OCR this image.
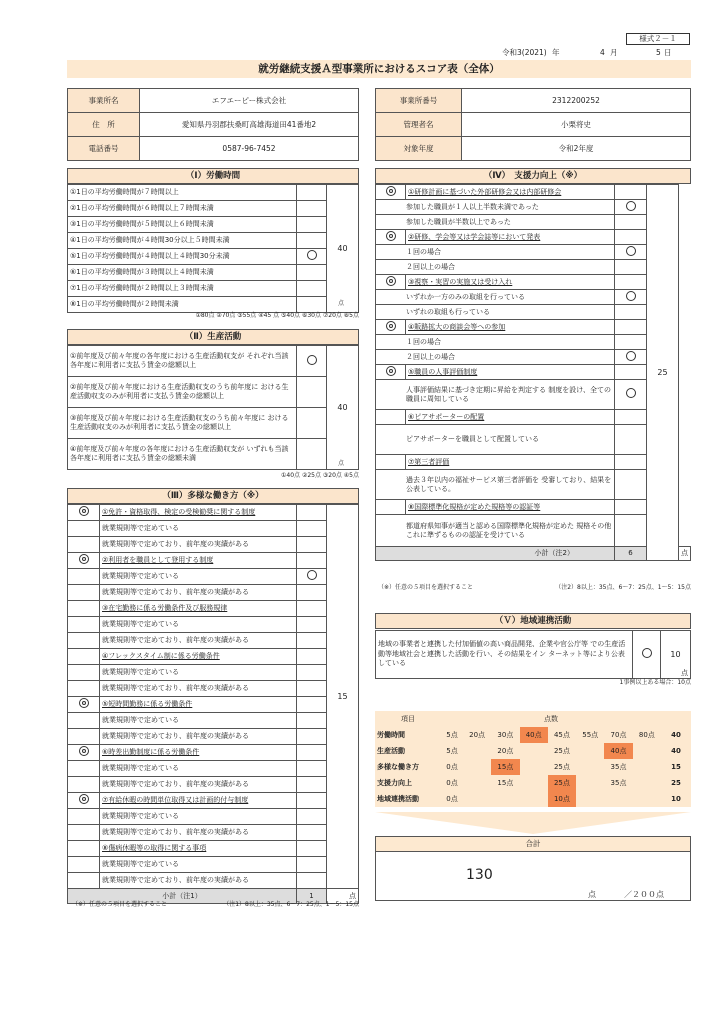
様式２－１
令和3(2021) 年	4 月	5 日
就労継続支援Ａ型事業所におけるスコア表（全体）
事業所名	エフエーピー株式会社
住　所	愛知県丹羽郡扶桑町高雄海道田41番地2
電話番号	0587-96-7452
事業所番号	2312200252
管理者名	小栗将史
対象年度	令和2年度
（Ⅰ）労働時間
①1日の平均労働時間が７時間以上		40
②1日の平均労働時間が６時間以上７時間未満		
③1日の平均労働時間が５時間以上６時間未満		
④1日の平均労働時間が４時間30分以上５時間未満		
⑤1日の平均労働時間が４時間以上４時間30分未満		
⑥1日の平均労働時間が３時間以上４時間未満		
⑦1日の平均労働時間が２時間以上３時間未満		
⑧1日の平均労働時間が２時間未満			点
①80点 ②70点 ③55点 ④45 点 ⑤40点 ⑥30点 ⑦20点 ⑧5点
（Ⅱ）生産活動
①前年度及び前々年度の各年度における生産活動収支が それぞれ当該各年度に利用者に支払う賃金の総額以上		40
②前年度及び前々年度における生産活動収支のうち前年度に おける生産活動収支のみが利用者に支払う賃金の総額以上		
③前年度及び前々年度における生産活動収支のうち前々年度に おける生産活動収支のみが利用者に支払う賃金の総額以上		
④前年度及び前々年度の各年度における生産活動収支が いずれも当該各年度に利用者に支払う賃金の総額未満		
点
①40点 ②25点 ③20点 ④5点
（Ⅲ）多様な働き方（※）
	①免許・資格取得、検定の受検勧奨に関する制度		15
	就業規則等で定めている		
	就業規則等で定めており、前年度の実績がある		
	②利用者を職員として登用する制度		
	就業規則等で定めている		
	就業規則等で定めており、前年度の実績がある		
	③在宅勤務に係る労働条件及び服務規律		
	就業規則等で定めている		
	就業規則等で定めており、前年度の実績がある		
	④フレックスタイム制に係る労働条件		
	就業規則等で定めている		
	就業規則等で定めており、前年度の実績がある		
	⑤短時間勤務に係る労働条件		
	就業規則等で定めている		
	就業規則等で定めており、前年度の実績がある		
	⑥時差出勤制度に係る労働条件		
	就業規則等で定めている		
	就業規則等で定めており、前年度の実績がある		
	⑦有給休暇の時間単位取得又は計画的付与制度		
	就業規則等で定めている		
	就業規則等で定めており、前年度の実績がある		
	⑧傷病休暇等の取得に関する事項		
	就業規則等で定めている		
	就業規則等で定めており、前年度の実績がある		
小計（注1）		1	点
（※）任意の５項目を選択すること	（注1）8以上：35点、6～7：25点、1～5：15点
（Ⅳ）　支援力向上（※）
	①研修計画に基づいた外部研修会又は内部研修会		25	
参加した職員が１人以上半数未満であった				
参加した職員が半数以上であった				
	②研修、学会等又は学会誌等において発表			
１回の場合				
２回以上の場合				
	③視察・実習の実施又は受け入れ			
いずれか一方のみの取組を行っている				
いずれの取組も行っている				
	④販路拡大の商談会等への参加			
１回の場合				
２回以上の場合				
	⑤職員の人事評価制度			
人事評価結果に基づき定期に昇給を判定する 制度を設け、全ての職員に周知している				
	⑥ピアサポーターの配置			
ピアサポーターを職員として配置している				
	⑦第三者評価			
過去３年以内の福祉サービス第三者評価を 受審しており、結果を公表している。				
	⑧国際標準化規格が定めた規格等の認証等			
都道府県知事が適当と認める国際標準化規格が定めた 規格その他これに準ずるものの認証を受けている				
小計（注2）		6		点
（※）任意の５項目を選択すること	（注2）8以上：35点、6～7：25点、1～5：15点
（Ｖ）地域連携活動
地域の事業者と連携した付加価値の高い商品開発、企業や官公庁等 での生産活動等地域社会と連携した活動を行い、その結果をイン ターネット等により公表している		10
点
1事例以上ある場合：10点
項目	点数								
労働時間	5点	20点	30点	40点	45点	55点	70点	80点	40
生産活動	5点		20点		25点		40点		40
多様な働き方	0点		15点		25点		35点		15
支援力向上	0点		15点		25点		35点		25
地域連携活動	0点				10点				10
合計
130
点	／２００点
